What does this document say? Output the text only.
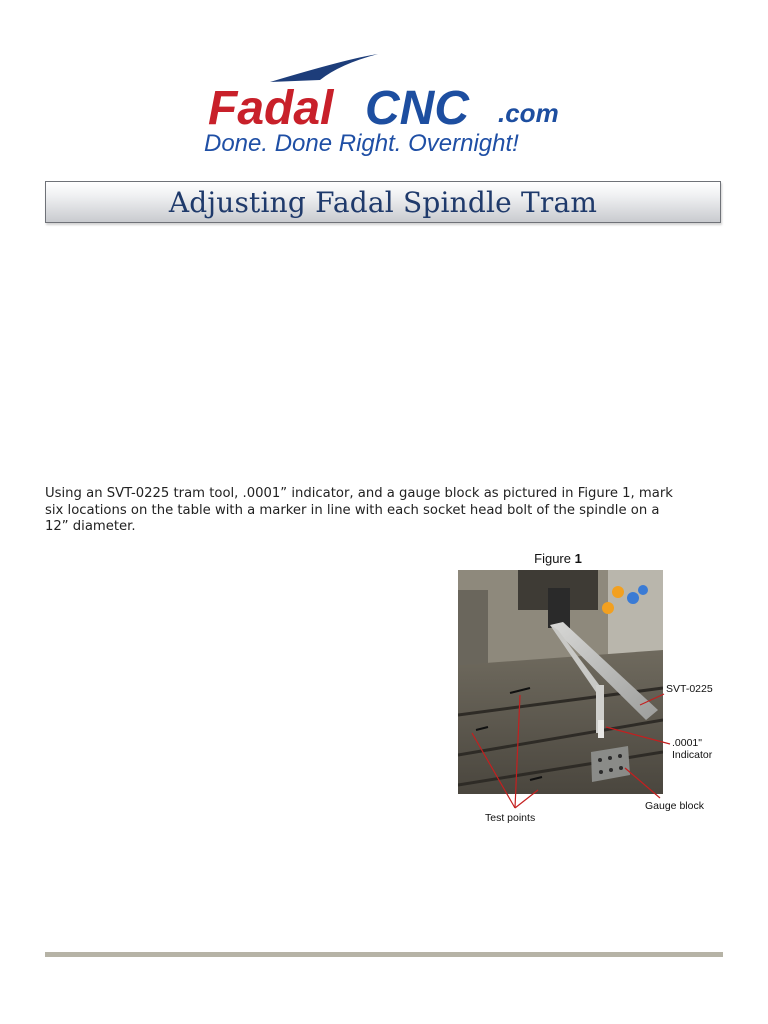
Fadal CNC .com
Done. Done Right. Overnight!
Adjusting Fadal Spindle Tram

Using an SVT-0225 tram tool, .0001” indicator, and a gauge block as pictured in Figure 1, mark
six locations on the table with a marker in line with each socket head bolt of the spindle on a
12” diameter.

Figure 1
SVT-0225
.0001"
Indicator
Gauge block
Test points
